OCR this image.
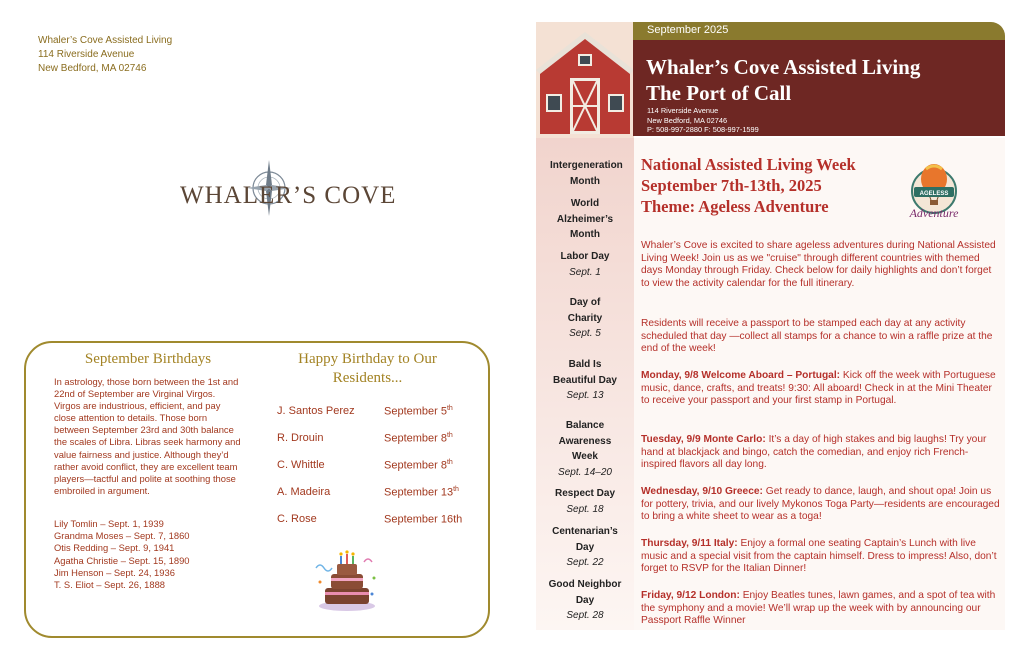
Whaler’s Cove Assisted Living
114 Riverside Avenue
New Bedford, MA 02746
WHALER’S COVE
September Birthdays
In astrology, those born between the 1st and 22nd of September are Virginal Virgos. Virgos are industrious, efficient, and pay close attention to details. Those born between September 23rd and 30th balance the scales of Libra. Libras seek harmony and value fairness and justice. Although they’d rather avoid conflict, they are excellent team players—tactful and polite at soothing those embroiled in argument.
Lily Tomlin – Sept. 1, 1939
Grandma Moses – Sept. 7, 1860
Otis Redding – Sept. 9, 1941
Agatha Christie – Sept. 15, 1890
Jim Henson – Sept. 24, 1936
T. S. Eliot – Sept. 26, 1888
Happy Birthday to Our Residents...
J. Santos Perez	September 5th
R. Drouin	September 8th
C. Whittle	September 8th
A. Madeira	September 13th
C. Rose	September 16th
September 2025
Whaler’s Cove Assisted Living
The Port of Call
114 Riverside Avenue
New Bedford, MA 02746
P: 508-997-2880 F: 508-997-1599
Intergeneration Month
World Alzheimer’s Month
Labor Day
Sept. 1
Day of Charity
Sept. 5
Bald Is Beautiful Day
Sept. 13
Balance Awareness Week
Sept. 14–20
Respect Day
Sept. 18
Centenarian’s Day
Sept. 22
Good Neighbor Day
Sept. 28
National Assisted Living Week
September 7th-13th, 2025
Theme: Ageless Adventure
AGELESS
Adventure
Whaler’s Cove is excited to share ageless adventures during National Assisted Living Week! Join us as we "cruise" through different countries with themed days Monday through Friday. Check below for daily highlights and don’t forget to view the activity calendar for the full itinerary.
Residents will receive a passport to be stamped each day at any activity scheduled that day —collect all stamps for a chance to win a raffle prize at the end of the week!
Monday, 9/8 Welcome Aboard – Portugal: Kick off the week with Portuguese music, dance, crafts, and treats! 9:30: All aboard! Check in at the Mini Theater to receive your passport and your first stamp in Portugal.
Tuesday, 9/9 Monte Carlo: It’s a day of high stakes and big laughs! Try your hand at blackjack and bingo, catch the comedian, and enjoy rich French-inspired flavors all day long.
Wednesday, 9/10 Greece: Get ready to dance, laugh, and shout opa! Join us for pottery, trivia, and our lively Mykonos Toga Party—residents are encouraged to bring a white sheet to wear as a toga!
Thursday, 9/11 Italy: Enjoy a formal one seating Captain’s Lunch with live music and a special visit from the captain himself. Dress to impress! Also, don’t forget to RSVP for the Italian Dinner!
Friday, 9/12 London: Enjoy Beatles tunes, lawn games, and a spot of tea with the symphony and a movie! We’ll wrap up the week with by announcing our Passport Raffle Winner
